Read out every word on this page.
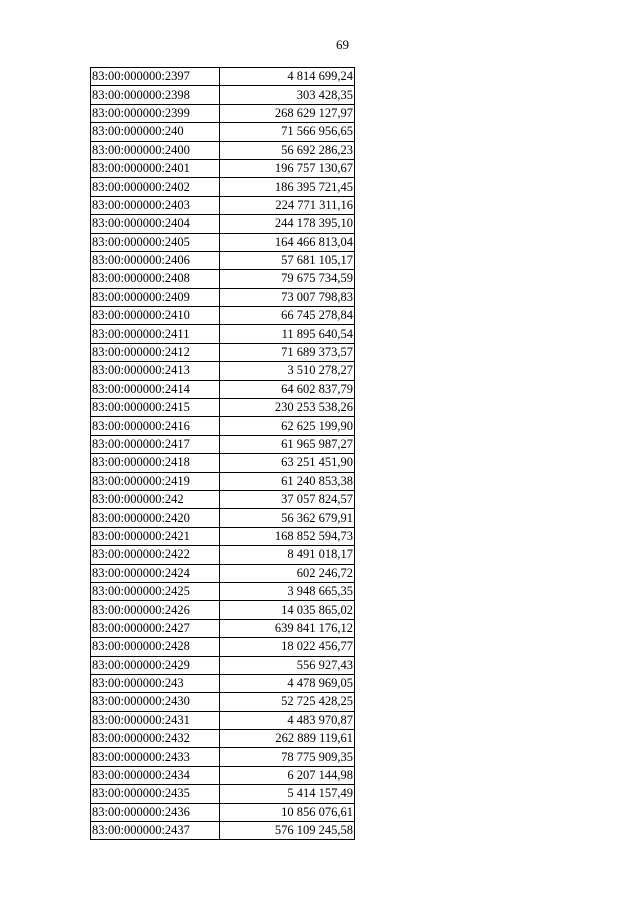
69
83:00:000000:2397	4 814 699,24
83:00:000000:2398	303 428,35
83:00:000000:2399	268 629 127,97
83:00:000000:240	71 566 956,65
83:00:000000:2400	56 692 286,23
83:00:000000:2401	196 757 130,67
83:00:000000:2402	186 395 721,45
83:00:000000:2403	224 771 311,16
83:00:000000:2404	244 178 395,10
83:00:000000:2405	164 466 813,04
83:00:000000:2406	57 681 105,17
83:00:000000:2408	79 675 734,59
83:00:000000:2409	73 007 798,83
83:00:000000:2410	66 745 278,84
83:00:000000:2411	11 895 640,54
83:00:000000:2412	71 689 373,57
83:00:000000:2413	3 510 278,27
83:00:000000:2414	64 602 837,79
83:00:000000:2415	230 253 538,26
83:00:000000:2416	62 625 199,90
83:00:000000:2417	61 965 987,27
83:00:000000:2418	63 251 451,90
83:00:000000:2419	61 240 853,38
83:00:000000:242	37 057 824,57
83:00:000000:2420	56 362 679,91
83:00:000000:2421	168 852 594,73
83:00:000000:2422	8 491 018,17
83:00:000000:2424	602 246,72
83:00:000000:2425	3 948 665,35
83:00:000000:2426	14 035 865,02
83:00:000000:2427	639 841 176,12
83:00:000000:2428	18 022 456,77
83:00:000000:2429	556 927,43
83:00:000000:243	4 478 969,05
83:00:000000:2430	52 725 428,25
83:00:000000:2431	4 483 970,87
83:00:000000:2432	262 889 119,61
83:00:000000:2433	78 775 909,35
83:00:000000:2434	6 207 144,98
83:00:000000:2435	5 414 157,49
83:00:000000:2436	10 856 076,61
83:00:000000:2437	576 109 245,58
